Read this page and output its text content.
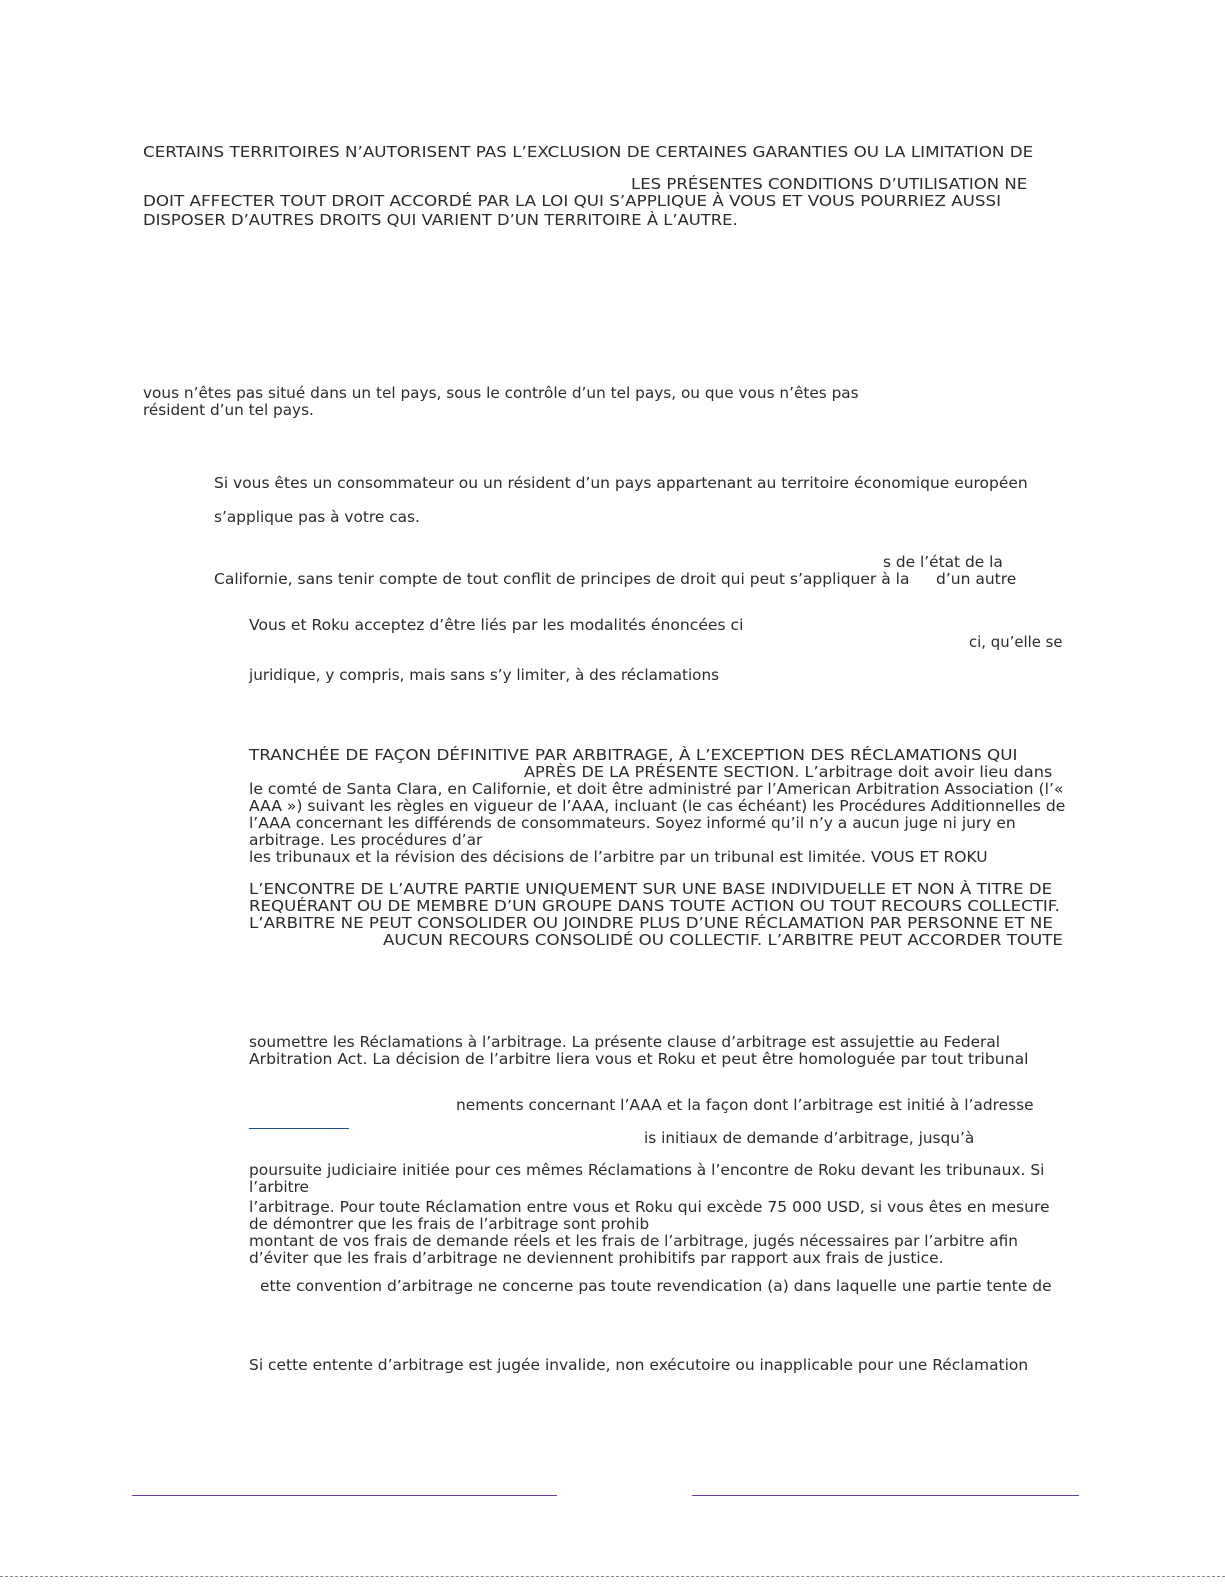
CERTAINS TERRITOIRES N’AUTORISENT PAS L’EXCLUSION DE CERTAINES GARANTIES OU LA LIMITATION DE
LES PRÉSENTES CONDITIONS D’UTILISATION NE
DOIT AFFECTER TOUT DROIT ACCORDÉ PAR LA LOI QUI S’APPLIQUE À VOUS ET VOUS POURRIEZ AUSSI
DISPOSER D’AUTRES DROITS QUI VARIENT D’UN TERRITOIRE À L’AUTRE.
vous n’êtes pas situé dans un tel pays, sous le contrôle d’un tel pays, ou que vous n’êtes pas
résident d’un tel pays.
Si vous êtes un consommateur ou un résident d’un pays appartenant au territoire économique européen
s’applique pas à votre cas.
s de l’état de la
Californie, sans tenir compte de tout conflit de principes de droit qui peut s’appliquer à la d’un autre
Vous et Roku acceptez d’être liés par les modalités énoncées ci
ci, qu’elle se
juridique, y compris, mais sans s’y limiter, à des réclamations
TRANCHÉE DE FAÇON DÉFINITIVE PAR ARBITRAGE, À L’EXCEPTION DES RÉCLAMATIONS QUI
APRÈS DE LA PRÉSENTE SECTION. L’arbitrage doit avoir lieu dans
le comté de Santa Clara, en Californie, et doit être administré par l’American Arbitration Association (l’«
AAA ») suivant les règles en vigueur de l’AAA, incluant (le cas échéant) les Procédures Additionnelles de
l’AAA concernant les différends de consommateurs. Soyez informé qu’il n’y a aucun juge ni jury en
arbitrage. Les procédures d’ar
les tribunaux et la révision des décisions de l’arbitre par un tribunal est limitée. VOUS ET ROKU
L’ENCONTRE DE L’AUTRE PARTIE UNIQUEMENT SUR UNE BASE INDIVIDUELLE ET NON À TITRE DE
REQUÉRANT OU DE MEMBRE D’UN GROUPE DANS TOUTE ACTION OU TOUT RECOURS COLLECTIF.
L’ARBITRE NE PEUT CONSOLIDER OU JOINDRE PLUS D’UNE RÉCLAMATION PAR PERSONNE ET NE
AUCUN RECOURS CONSOLIDÉ OU COLLECTIF. L’ARBITRE PEUT ACCORDER TOUTE
soumettre les Réclamations à l’arbitrage. La présente clause d’arbitrage est assujettie au Federal
Arbitration Act. La décision de l’arbitre liera vous et Roku et peut être homologuée par tout tribunal
nements concernant l’AAA et la façon dont l’arbitrage est initié à l’adresse
is initiaux de demande d’arbitrage, jusqu’à
poursuite judiciaire initiée pour ces mêmes Réclamations à l’encontre de Roku devant les tribunaux. Si
l’arbitre
l’arbitrage. Pour toute Réclamation entre vous et Roku qui excède 75 000 USD, si vous êtes en mesure
de démontrer que les frais de l’arbitrage sont prohib
montant de vos frais de demande réels et les frais de l’arbitrage, jugés nécessaires par l’arbitre afin
d’éviter que les frais d’arbitrage ne deviennent prohibitifs par rapport aux frais de justice.
ette convention d’arbitrage ne concerne pas toute revendication (a) dans laquelle une partie tente de
Si cette entente d’arbitrage est jugée invalide, non exécutoire ou inapplicable pour une Réclamation
